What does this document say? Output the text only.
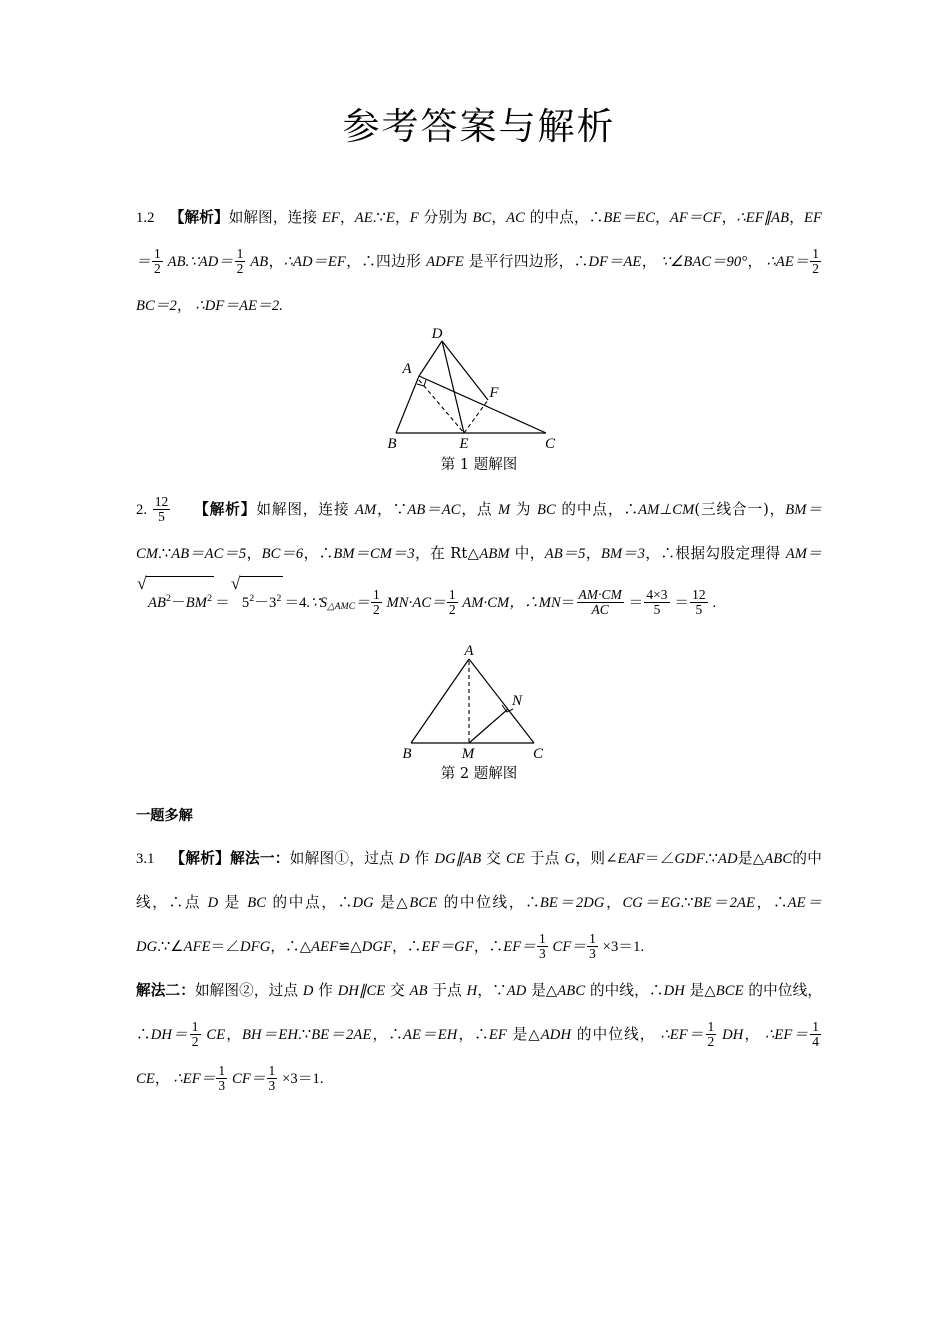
参考答案与解析
1.2 【解析】如解图，连接 EF，AE.∵E，F 分别为 BC，AC 的中点，∴BE＝EC，AF＝CF，∴EF∥AB，$EF= \frac{1}{2}$ AB.∵AD＝ $\frac{1}{2}$ AB，∴AD＝EF，∴四边形 ADFE 是平行四边形，∴DF＝AE， ∵∠BAC＝90°， ∴AE＝ $\frac{1}{2}$
BC＝2， ∴DF＝AE＝2.
D
A
F
B	E	C
第 1 题解图
2. $\frac{12}{5}$ 【解析】如解图，连接 AM，∵AB＝AC，点 M 为 BC 的中点，∴AM⊥CM(三线合一)，BM＝CM.∵AB＝AC＝5，BC＝6，∴BM＝CM＝3，在 Rt△ABM 中，AB＝5，BM＝3，∴根据勾股定理得 AM＝
√
$AB^2-BM^2$ ＝
√
$5^2-3^2$ $=4.\because S_{\triangle AMC}= \frac{1}{2} MN\cdot AC= \frac{1}{2} AM\cdot CM$，∴MN＝ $\frac{AM\cdot CM}{AC} = \frac{4\times 3}{5} = \frac{12}{5}$ .
A
N
B	M	C
第 2 题解图
一题多解
3.1 【解析】解法一：如解图①，过点 D 作 DG∥AB 交 CE 于点 G，则∠EAF＝∠GDF.∵AD是△ABC的中线，∴点 D 是 BC 的中点，∴DG 是△BCE 的中位线，∴BE＝2DG，CG＝EG.∵BE＝2AE，∴AE＝DG.∵∠AFE＝∠DFG，∴△AEF≌△DGF，∴EF＝GF，∴EF＝ $\frac{1}{3} CF= \frac{1}{3} \times 3=1$.
解法二：如解图②，过点 D 作 DH∥CE 交 AB 于点 H，∵AD 是△ABC 的中线，∴DH 是△BCE 的中位线，∴DH＝ $\frac{1}{2}$ CE，BH＝EH.∵BE＝2AE，∴AE＝EH，∴EF 是△ADH 的中位线， ∴EF＝ $\frac{1}{2}$ DH， ∴EF＝ $\frac{1}{4}$
CE， ∴EF＝ $\frac{1}{3} CF= \frac{1}{3} \times 3=1$.
